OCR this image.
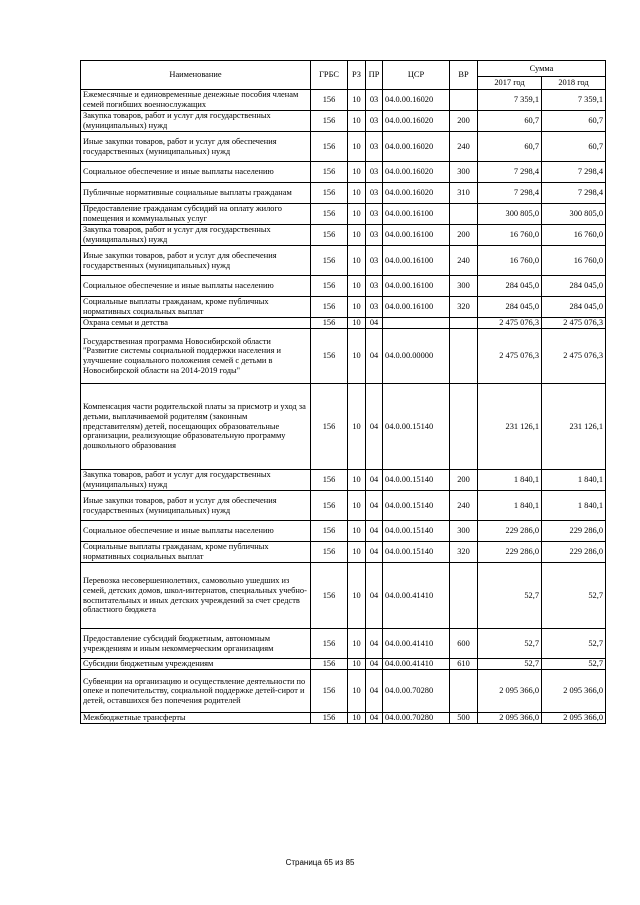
Наименование	ГРБС	РЗ	ПР	ЦСР	ВР	Сумма	
						2017 год	2018 год
Ежемесячные и единовременные денежные пособия членам семей погибших военнослужащих	156	10	03	04.0.00.16020		7 359,1	7 359,1
Закупка товаров, работ и услуг для государственных (муниципальных) нужд	156	10	03	04.0.00.16020	200	60,7	60,7
Иные закупки товаров, работ и услуг для обеспечения государственных (муниципальных) нужд	156	10	03	04.0.00.16020	240	60,7	60,7
Социальное обеспечение и иные выплаты населению	156	10	03	04.0.00.16020	300	7 298,4	7 298,4
Публичные нормативные социальные выплаты гражданам	156	10	03	04.0.00.16020	310	7 298,4	7 298,4
Предоставление гражданам субсидий на оплату жилого помещения и коммунальных услуг	156	10	03	04.0.00.16100		300 805,0	300 805,0
Закупка товаров, работ и услуг для государственных (муниципальных) нужд	156	10	03	04.0.00.16100	200	16 760,0	16 760,0
Иные закупки товаров, работ и услуг для обеспечения государственных (муниципальных) нужд	156	10	03	04.0.00.16100	240	16 760,0	16 760,0
Социальное обеспечение и иные выплаты населению	156	10	03	04.0.00.16100	300	284 045,0	284 045,0
Социальные выплаты гражданам, кроме публичных нормативных социальных выплат	156	10	03	04.0.00.16100	320	284 045,0	284 045,0
Охрана семьи и детства	156	10	04			2 475 076,3	2 475 076,3
Государственная программа Новосибирской области "Развитие системы социальной поддержки населения и улучшение социального положения семей с детьми в Новосибирской области на 2014-2019 годы"	156	10	04	04.0.00.00000		2 475 076,3	2 475 076,3
Компенсация части родительской платы за присмотр и уход за детьми, выплачиваемой родителям (законным представителям) детей, посещающих образовательные организации, реализующие образовательную программу дошкольного образования	156	10	04	04.0.00.15140		231 126,1	231 126,1
Закупка товаров, работ и услуг для государственных (муниципальных) нужд	156	10	04	04.0.00.15140	200	1 840,1	1 840,1
Иные закупки товаров, работ и услуг для обеспечения государственных (муниципальных) нужд	156	10	04	04.0.00.15140	240	1 840,1	1 840,1
Социальное обеспечение и иные выплаты населению	156	10	04	04.0.00.15140	300	229 286,0	229 286,0
Социальные выплаты гражданам, кроме публичных нормативных социальных выплат	156	10	04	04.0.00.15140	320	229 286,0	229 286,0
Перевозка несовершеннолетних, самовольно ушедших из семей, детских домов, школ-интернатов, специальных учебно-воспитательных и иных детских учреждений за счет средств областного бюджета	156	10	04	04.0.00.41410		52,7	52,7
Предоставление субсидий бюджетным, автономным учреждениям и иным некоммерческим организациям	156	10	04	04.0.00.41410	600	52,7	52,7
Субсидии бюджетным учреждениям	156	10	04	04.0.00.41410	610	52,7	52,7
Субвенции на организацию и осуществление деятельности по опеке и попечительству, социальной поддержке детей-сирот и детей, оставшихся без попечения родителей	156	10	04	04.0.00.70280		2 095 366,0	2 095 366,0
Межбюджетные трансферты	156	10	04	04.0.00.70280	500	2 095 366,0	2 095 366,0
Страница 65 из 85
